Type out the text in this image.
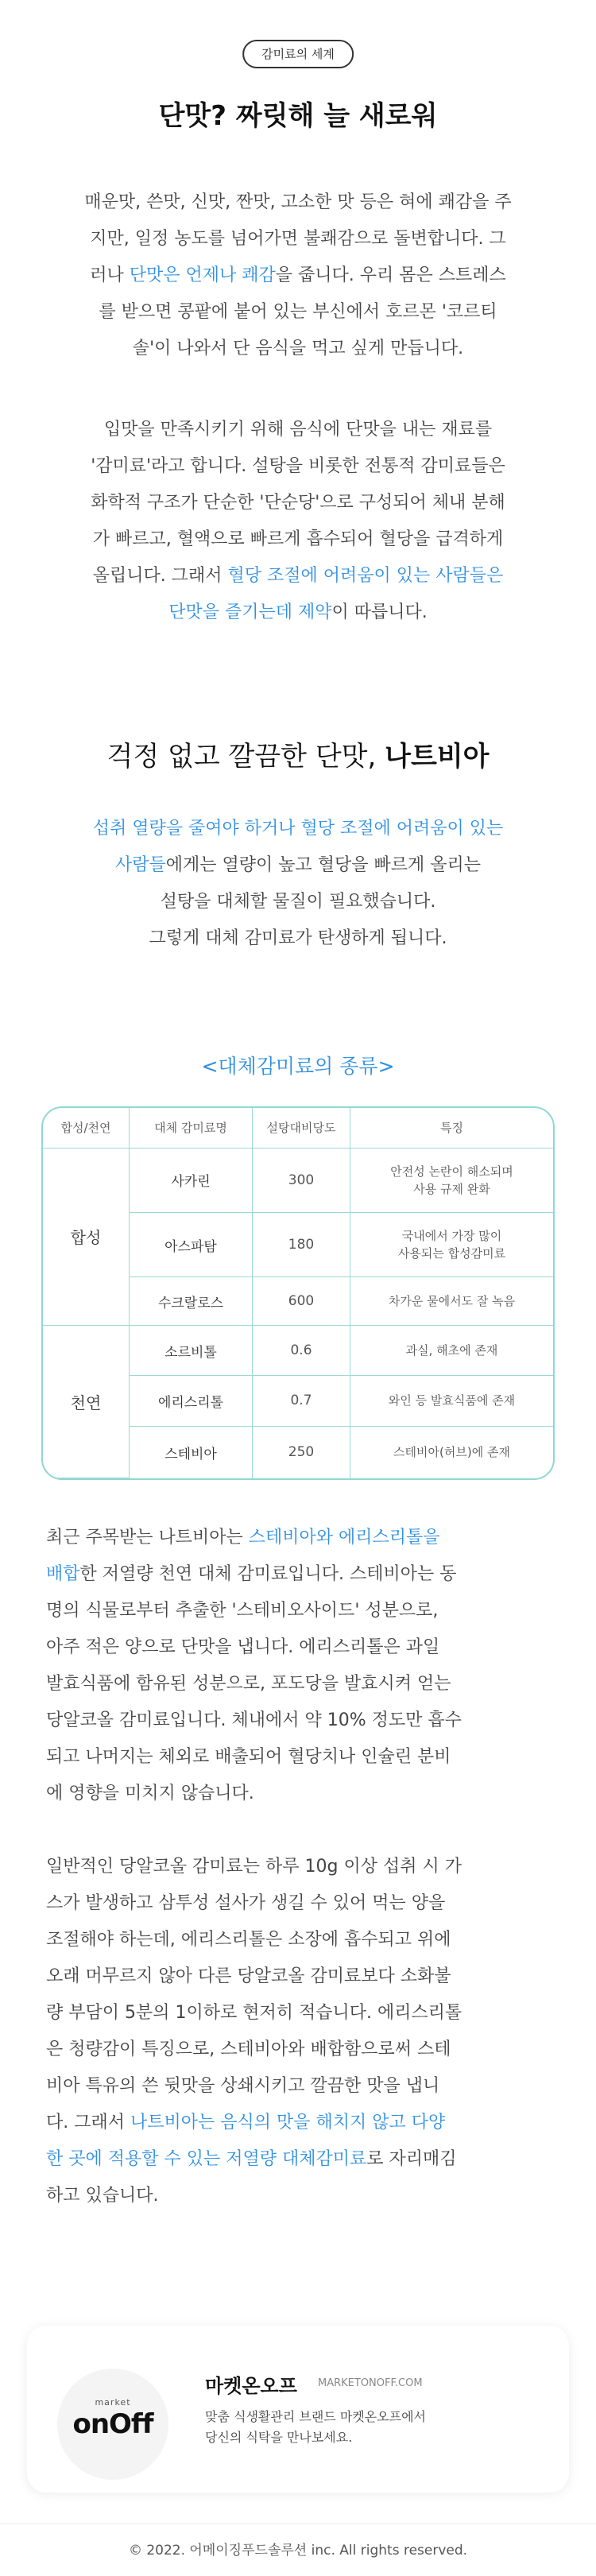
감미료의 세계
단맛? 짜릿해 늘 새로워
매운맛, 쓴맛, 신맛, 짠맛, 고소한 맛 등은 혀에 쾌감을 주
지만, 일정 농도를 넘어가면 불쾌감으로 돌변합니다. 그
러나 단맛은 언제나 쾌감을 줍니다. 우리 몸은 스트레스
를 받으면 콩팥에 붙어 있는 부신에서 호르몬 '코르티
솔'이 나와서 단 음식을 먹고 싶게 만듭니다.
입맛을 만족시키기 위해 음식에 단맛을 내는 재료를
'감미료'라고 합니다. 설탕을 비롯한 전통적 감미료들은
화학적 구조가 단순한 '단순당'으로 구성되어 체내 분해
가 빠르고, 혈액으로 빠르게 흡수되어 혈당을 급격하게
올립니다. 그래서 혈당 조절에 어려움이 있는 사람들은
단맛을 즐기는데 제약이 따릅니다.
걱정 없고 깔끔한 단맛, 나트비아
섭취 열량을 줄여야 하거나 혈당 조절에 어려움이 있는
사람들에게는 열량이 높고 혈당을 빠르게 올리는
설탕을 대체할 물질이 필요했습니다.
그렇게 대체 감미료가 탄생하게 됩니다.
<대체감미료의 종류>
합성/천연	대체 감미료명	설탕대비당도	특징
합성	사카린	300	안전성 논란이 해소되며
사용 규제 완화

	아스파탐	180	국내에서 가장 많이
사용되는 합성감미료

	수크랄로스	600	차가운 물에서도 잘 녹음
천연	소르비톨	0.6	과실, 해초에 존재
	에리스리톨	0.7	와인 등 발효식품에 존재
	스테비아	250	스테비아(허브)에 존재
최근 주목받는 나트비아는 스테비아와 에리스리톨을
배합한 저열량 천연 대체 감미료입니다. 스테비아는 동
명의 식물로부터 추출한 '스테비오사이드' 성분으로,
아주 적은 양으로 단맛을 냅니다. 에리스리톨은 과일
발효식품에 함유된 성분으로, 포도당을 발효시켜 얻는
당알코올 감미료입니다. 체내에서 약 10% 정도만 흡수
되고 나머지는 체외로 배출되어 혈당치나 인슐린 분비
에 영향을 미치지 않습니다.
일반적인 당알코올 감미료는 하루 10g 이상 섭취 시 가
스가 발생하고 삼투성 설사가 생길 수 있어 먹는 양을
조절해야 하는데, 에리스리톨은 소장에 흡수되고 위에
오래 머무르지 않아 다른 당알코올 감미료보다 소화불
량 부담이 5분의 1이하로 현저히 적습니다. 에리스리톨
은 청량감이 특징으로, 스테비아와 배합함으로써 스테
비아 특유의 쓴 뒷맛을 상쇄시키고 깔끔한 맛을 냅니
다. 그래서 나트비아는 음식의 맛을 해치지 않고 다양
한 곳에 적용할 수 있는 저열량 대체감미료로 자리매김
하고 있습니다.
market
onOff
마켓온오프 MARKETONOFF.COM
맞춤 식생활관리 브랜드 마켓온오프에서
당신의 식탁을 만나보세요.
© 2022. 어메이징푸드솔루션 inc. All rights reserved.
